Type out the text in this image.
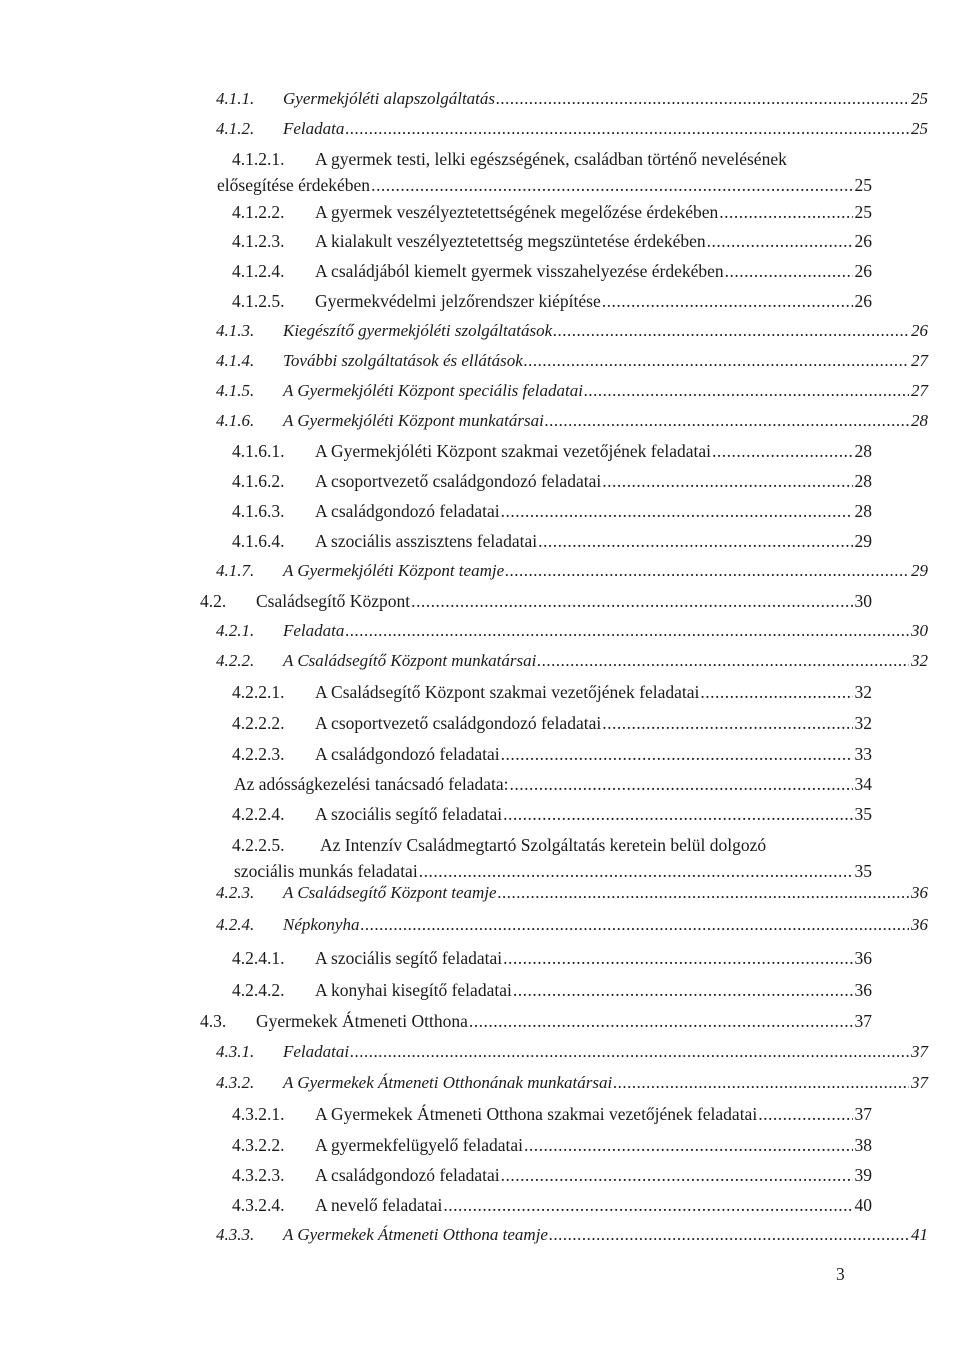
4.1.1. Gyermekjóléti alapszolgáltatás .....	25
4.1.2. Feladata .....	25
4.1.2.1. A gyermek testi, lelki egészségének, családban történő nevelésének
elősegítése érdekében .....	25
4.1.2.2. A gyermek veszélyeztetettségének megelőzése érdekében .....	25
4.1.2.3. A kialakult veszélyeztetettség megszüntetése érdekében .....	26
4.1.2.4. A családjából kiemelt gyermek visszahelyezése érdekében .....	26
4.1.2.5. Gyermekvédelmi jelzőrendszer kiépítése .....	26
4.1.3. Kiegészítő gyermekjóléti szolgáltatások .....	26
4.1.4. További szolgáltatások és ellátások .....	27
4.1.5. A Gyermekjóléti Központ speciális feladatai .....	27
4.1.6. A Gyermekjóléti Központ munkatársai .....	28
4.1.6.1. A Gyermekjóléti Központ szakmai vezetőjének feladatai .....	28
4.1.6.2. A csoportvezető családgondozó feladatai .....	28
4.1.6.3. A családgondozó feladatai .....	28
4.1.6.4. A szociális asszisztens feladatai .....	29
4.1.7. A Gyermekjóléti Központ teamje .....	29
4.2. Családsegítő Központ .....	30
4.2.1. Feladata .....	30
4.2.2. A Családsegítő Központ munkatársai .....	32
4.2.2.1. A Családsegítő Központ szakmai vezetőjének feladatai .....	32
4.2.2.2. A csoportvezető családgondozó feladatai .....	32
4.2.2.3. A családgondozó feladatai .....	33
Az adósságkezelési tanácsadó feladata: .....	34
4.2.2.4. A szociális segítő feladatai .....	35
4.2.2.5. Az Intenzív Családmegtartó Szolgáltatás keretein belül dolgozó
szociális munkás feladatai .....	35
4.2.3. A Családsegítő Központ teamje .....	36
4.2.4. Népkonyha .....	36
4.2.4.1. A szociális segítő feladatai .....	36
4.2.4.2. A konyhai kisegítő feladatai .....	36
4.3. Gyermekek Átmeneti Otthona .....	37
4.3.1. Feladatai .....	37
4.3.2. A Gyermekek Átmeneti Otthonának munkatársai .....	37
4.3.2.1. A Gyermekek Átmeneti Otthona szakmai vezetőjének feladatai .....	37
4.3.2.2. A gyermekfelügyelő feladatai .....	38
4.3.2.3. A családgondozó feladatai .....	39
4.3.2.4. A nevelő feladatai .....	40
4.3.3. A Gyermekek Átmeneti Otthona teamje .....	41
3
